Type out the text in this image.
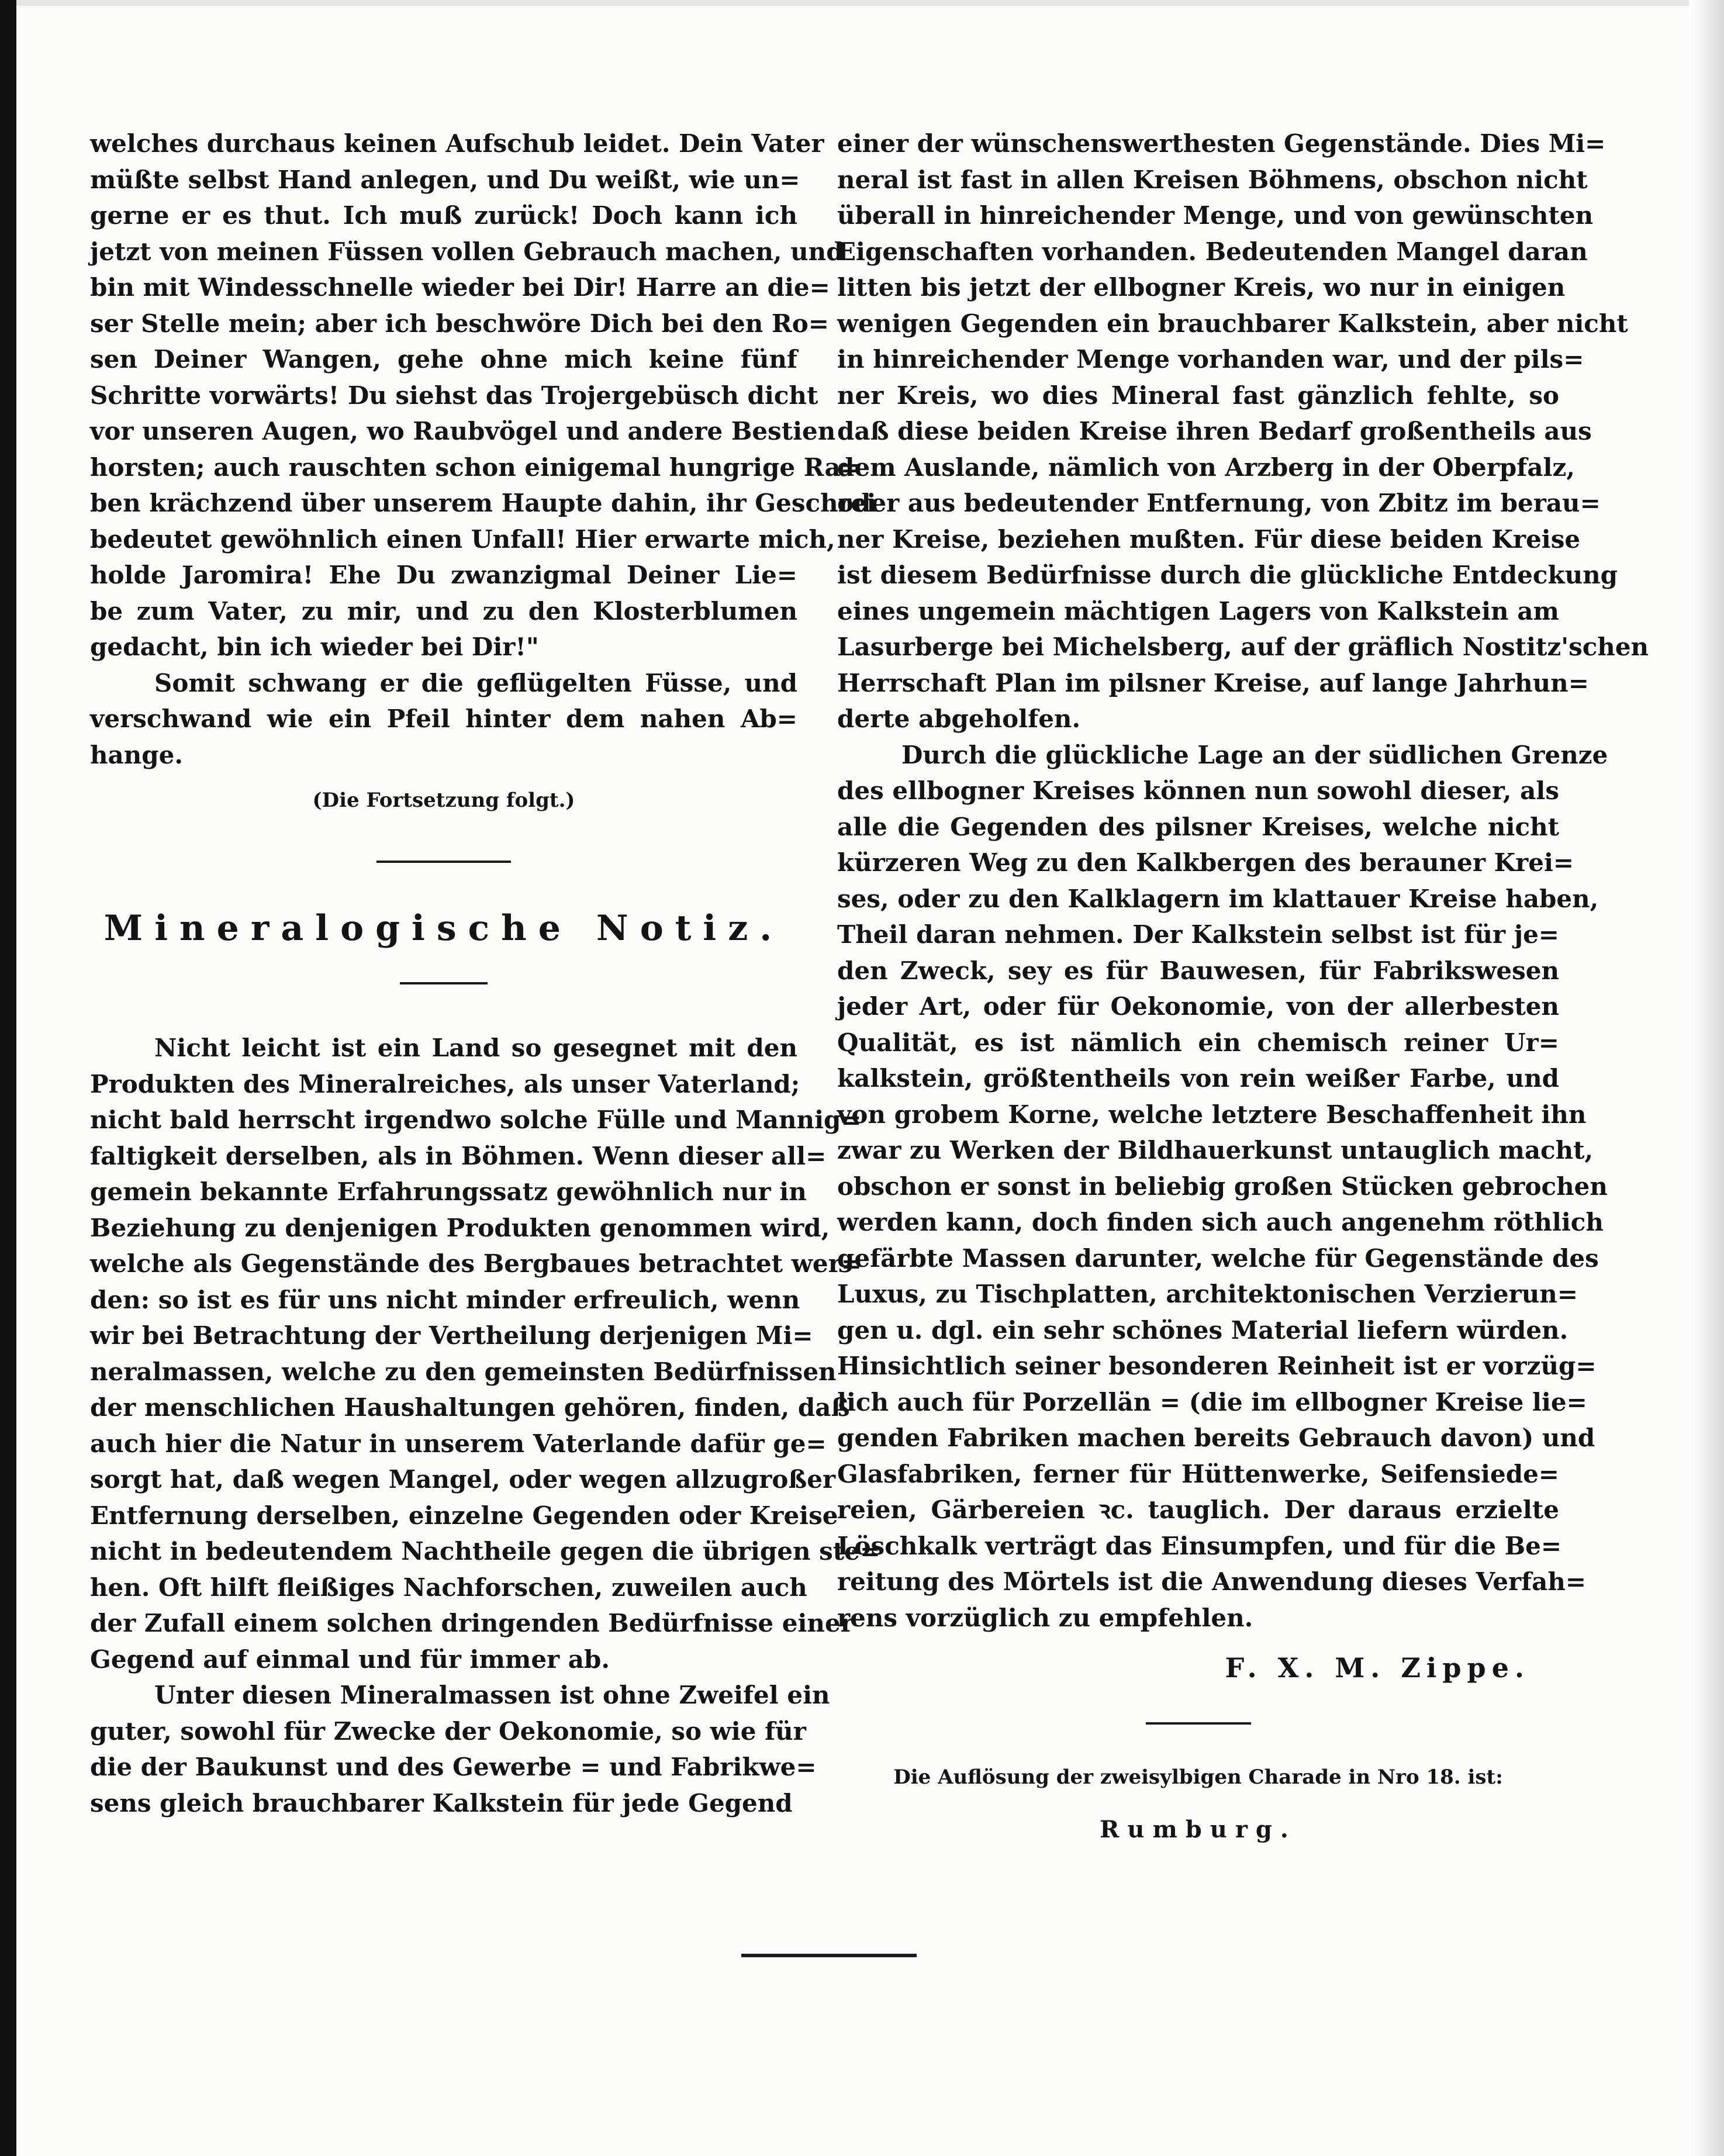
welches durchaus keinen Aufschub leidet. Dein Vater
müßte selbst Hand anlegen, und Du weißt, wie un=
gerne er es thut. Ich muß zurück! Doch kann ich
jetzt von meinen Füssen vollen Gebrauch machen, und
bin mit Windesschnelle wieder bei Dir! Harre an die=
ser Stelle mein; aber ich beschwöre Dich bei den Ro=
sen Deiner Wangen, gehe ohne mich keine fünf
Schritte vorwärts! Du siehst das Trojergebüsch dicht
vor unseren Augen, wo Raubvögel und andere Bestien
horsten; auch rauschten schon einigemal hungrige Ra=
ben krächzend über unserem Haupte dahin, ihr Geschrei
bedeutet gewöhnlich einen Unfall! Hier erwarte mich,
holde Jaromira! Ehe Du zwanzigmal Deiner Lie=
be zum Vater, zu mir, und zu den Klosterblumen
gedacht, bin ich wieder bei Dir!"
Somit schwang er die geflügelten Füsse, und
verschwand wie ein Pfeil hinter dem nahen Ab=
hange.
(Die Fortsetzung folgt.)
Mineralogische Notiz.
Nicht leicht ist ein Land so gesegnet mit den
Produkten des Mineralreiches, als unser Vaterland;
nicht bald herrscht irgendwo solche Fülle und Mannig=
faltigkeit derselben, als in Böhmen. Wenn dieser all=
gemein bekannte Erfahrungssatz gewöhnlich nur in
Beziehung zu denjenigen Produkten genommen wird,
welche als Gegenstände des Bergbaues betrachtet wer=
den: so ist es für uns nicht minder erfreulich, wenn
wir bei Betrachtung der Vertheilung derjenigen Mi=
neralmassen, welche zu den gemeinsten Bedürfnissen
der menschlichen Haushaltungen gehören, finden, daß
auch hier die Natur in unserem Vaterlande dafür ge=
sorgt hat, daß wegen Mangel, oder wegen allzugroßer
Entfernung derselben, einzelne Gegenden oder Kreise
nicht in bedeutendem Nachtheile gegen die übrigen ste=
hen. Oft hilft fleißiges Nachforschen, zuweilen auch
der Zufall einem solchen dringenden Bedürfnisse einer
Gegend auf einmal und für immer ab.
Unter diesen Mineralmassen ist ohne Zweifel ein
guter, sowohl für Zwecke der Oekonomie, so wie für
die der Baukunst und des Gewerbe = und Fabrikwe=
sens gleich brauchbarer Kalkstein für jede Gegend
einer der wünschenswerthesten Gegenstände. Dies Mi=
neral ist fast in allen Kreisen Böhmens, obschon nicht
überall in hinreichender Menge, und von gewünschten
Eigenschaften vorhanden. Bedeutenden Mangel daran
litten bis jetzt der ellbogner Kreis, wo nur in einigen
wenigen Gegenden ein brauchbarer Kalkstein, aber nicht
in hinreichender Menge vorhanden war, und der pils=
ner Kreis, wo dies Mineral fast gänzlich fehlte, so
daß diese beiden Kreise ihren Bedarf großentheils aus
dem Auslande, nämlich von Arzberg in der Oberpfalz,
oder aus bedeutender Entfernung, von Zbitz im berau=
ner Kreise, beziehen mußten. Für diese beiden Kreise
ist diesem Bedürfnisse durch die glückliche Entdeckung
eines ungemein mächtigen Lagers von Kalkstein am
Lasurberge bei Michelsberg, auf der gräflich Nostitz'schen
Herrschaft Plan im pilsner Kreise, auf lange Jahrhun=
derte abgeholfen.
Durch die glückliche Lage an der südlichen Grenze
des ellbogner Kreises können nun sowohl dieser, als
alle die Gegenden des pilsner Kreises, welche nicht
kürzeren Weg zu den Kalkbergen des berauner Krei=
ses, oder zu den Kalklagern im klattauer Kreise haben,
Theil daran nehmen. Der Kalkstein selbst ist für je=
den Zweck, sey es für Bauwesen, für Fabrikswesen
jeder Art, oder für Oekonomie, von der allerbesten
Qualität, es ist nämlich ein chemisch reiner Ur=
kalkstein, größtentheils von rein weißer Farbe, und
von grobem Korne, welche letztere Beschaffenheit ihn
zwar zu Werken der Bildhauerkunst untauglich macht,
obschon er sonst in beliebig großen Stücken gebrochen
werden kann, doch finden sich auch angenehm röthlich
gefärbte Massen darunter, welche für Gegenstände des
Luxus, zu Tischplatten, architektonischen Verzierun=
gen u. dgl. ein sehr schönes Material liefern würden.
Hinsichtlich seiner besonderen Reinheit ist er vorzüg=
lich auch für Porzellän = (die im ellbogner Kreise lie=
genden Fabriken machen bereits Gebrauch davon) und
Glasfabriken, ferner für Hüttenwerke, Seifensiede=
reien, Gärbereien ꝛc. tauglich. Der daraus erzielte
Löschkalk verträgt das Einsumpfen, und für die Be=
reitung des Mörtels ist die Anwendung dieses Verfah=
rens vorzüglich zu empfehlen.
F. X. M. Zippe.
Die Auflösung der zweisylbigen Charade in Nro 18. ist:
Rumburg.
